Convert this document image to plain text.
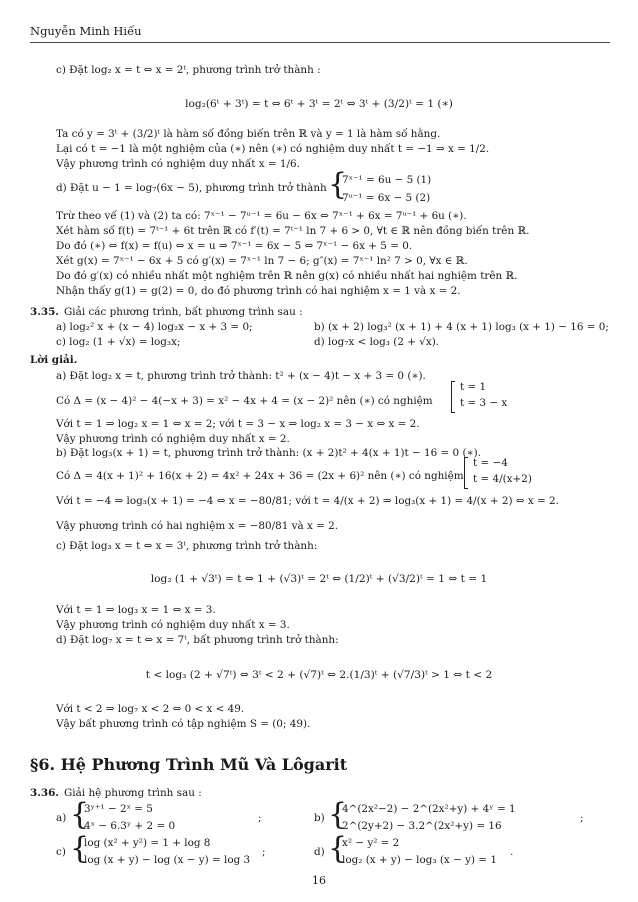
Nguyễn Minh Hiếu
c) Đặt log₂ x = t ⇔ x = 2ᵗ, phương trình trở thành :
log₂(6ᵗ + 3ᵗ) = t ⇔ 6ᵗ + 3ᵗ = 2ᵗ ⇔ 3ᵗ + (3/2)ᵗ = 1 (∗)
Ta có y = 3ᵗ + (3/2)ᵗ là hàm số đồng biến trên ℝ và y = 1 là hàm số hằng.
Lại có t = −1 là một nghiệm của (∗) nên (∗) có nghiệm duy nhất t = −1 ⇒ x = 1/2.
Vậy phương trình có nghiệm duy nhất x = 1/6.
d) Đặt u − 1 = log₇(6x − 5), phương trình trở thành {
7ˣ⁻¹ = 6u − 5 (1)
7ᵘ⁻¹ = 6x − 5 (2)
Trừ theo vế (1) và (2) ta có: 7ˣ⁻¹ − 7ᵘ⁻¹ = 6u − 6x ⇔ 7ˣ⁻¹ + 6x = 7ᵘ⁻¹ + 6u (∗).
Xét hàm số f(t) = 7ᵗ⁻¹ + 6t trên ℝ có f′(t) = 7ᵗ⁻¹ ln 7 + 6 > 0, ∀t ∈ ℝ nên đồng biến trên ℝ.
Do đó (∗) ⇔ f(x) = f(u) ⇔ x = u ⇒ 7ˣ⁻¹ = 6x − 5 ⇔ 7ˣ⁻¹ − 6x + 5 = 0.
Xét g(x) = 7ˣ⁻¹ − 6x + 5 có g′(x) = 7ˣ⁻¹ ln 7 − 6; g″(x) = 7ˣ⁻¹ ln² 7 > 0, ∀x ∈ ℝ.
Do đó g′(x) có nhiều nhất một nghiệm trên ℝ nên g(x) có nhiều nhất hai nghiệm trên ℝ.
Nhận thấy g(1) = g(2) = 0, do đó phương trình có hai nghiệm x = 1 và x = 2.
3.35. Giải các phương trình, bất phương trình sau :
a) log₂² x + (x − 4) log₂x − x + 3 = 0;	b) (x + 2) log₃² (x + 1) + 4 (x + 1) log₃ (x + 1) − 16 = 0;
c) log₂ (1 + √x) = log₃x;	d) log₇x < log₃ (2 + √x).
Lời giải.
a) Đặt log₂ x = t, phương trình trở thành: t² + (x − 4)t − x + 3 = 0 (∗).
Có Δ = (x − 4)² − 4(−x + 3) = x² − 4x + 4 = (x − 2)² nên (∗) có nghiệm
t = 1
t = 3 − x
Với t = 1 ⇒ log₂ x = 1 ⇔ x = 2; với t = 3 − x ⇒ log₂ x = 3 − x ⇔ x = 2.
Vậy phương trình có nghiệm duy nhất x = 2.
b) Đặt log₃(x + 1) = t, phương trình trở thành: (x + 2)t² + 4(x + 1)t − 16 = 0 (∗).
Có Δ = 4(x + 1)² + 16(x + 2) = 4x² + 24x + 36 = (2x + 6)² nên (∗) có nghiệm
t = −4
t = 4/(x+2)
Với t = −4 ⇒ log₃(x + 1) = −4 ⇔ x = −80/81; với t = 4/(x + 2) ⇒ log₃(x + 1) = 4/(x + 2) ⇔ x = 2.
Vậy phương trình có hai nghiệm x = −80/81 và x = 2.
c) Đặt log₃ x = t ⇔ x = 3ᵗ, phương trình trở thành:
log₂ (1 + √3ᵗ) = t ⇔ 1 + (√3)ᵗ = 2ᵗ ⇔ (1/2)ᵗ + (√3/2)ᵗ = 1 ⇔ t = 1
Với t = 1 ⇒ log₃ x = 1 ⇔ x = 3.
Vậy phương trình có nghiệm duy nhất x = 3.
d) Đặt log₇ x = t ⇔ x = 7ᵗ, bất phương trình trở thành:
t < log₃ (2 + √7ᵗ) ⇔ 3ᵗ < 2 + (√7)ᵗ ⇔ 2.(1/3)ᵗ + (√7/3)ᵗ > 1 ⇔ t < 2
Với t < 2 ⇒ log₇ x < 2 ⇔ 0 < x < 49.
Vậy bất phương trình có tập nghiệm S = (0; 49).
§6. Hệ Phương Trình Mũ Và Lôgarit
3.36. Giải hệ phương trình sau :
a) {
3ʸ⁺¹ − 2ˣ = 5
4ˣ − 6.3ʸ + 2 = 0
;	b) {
4^(2x²−2) − 2^(2x²+y) + 4ʸ = 1
2^(2y+2) − 3.2^(2x²+y) = 16
;
c) {
log (x² + y²) = 1 + log 8
log (x + y) − log (x − y) = log 3
;	d) {
x² − y² = 2
log₂ (x + y) − log₃ (x − y) = 1
.
16
